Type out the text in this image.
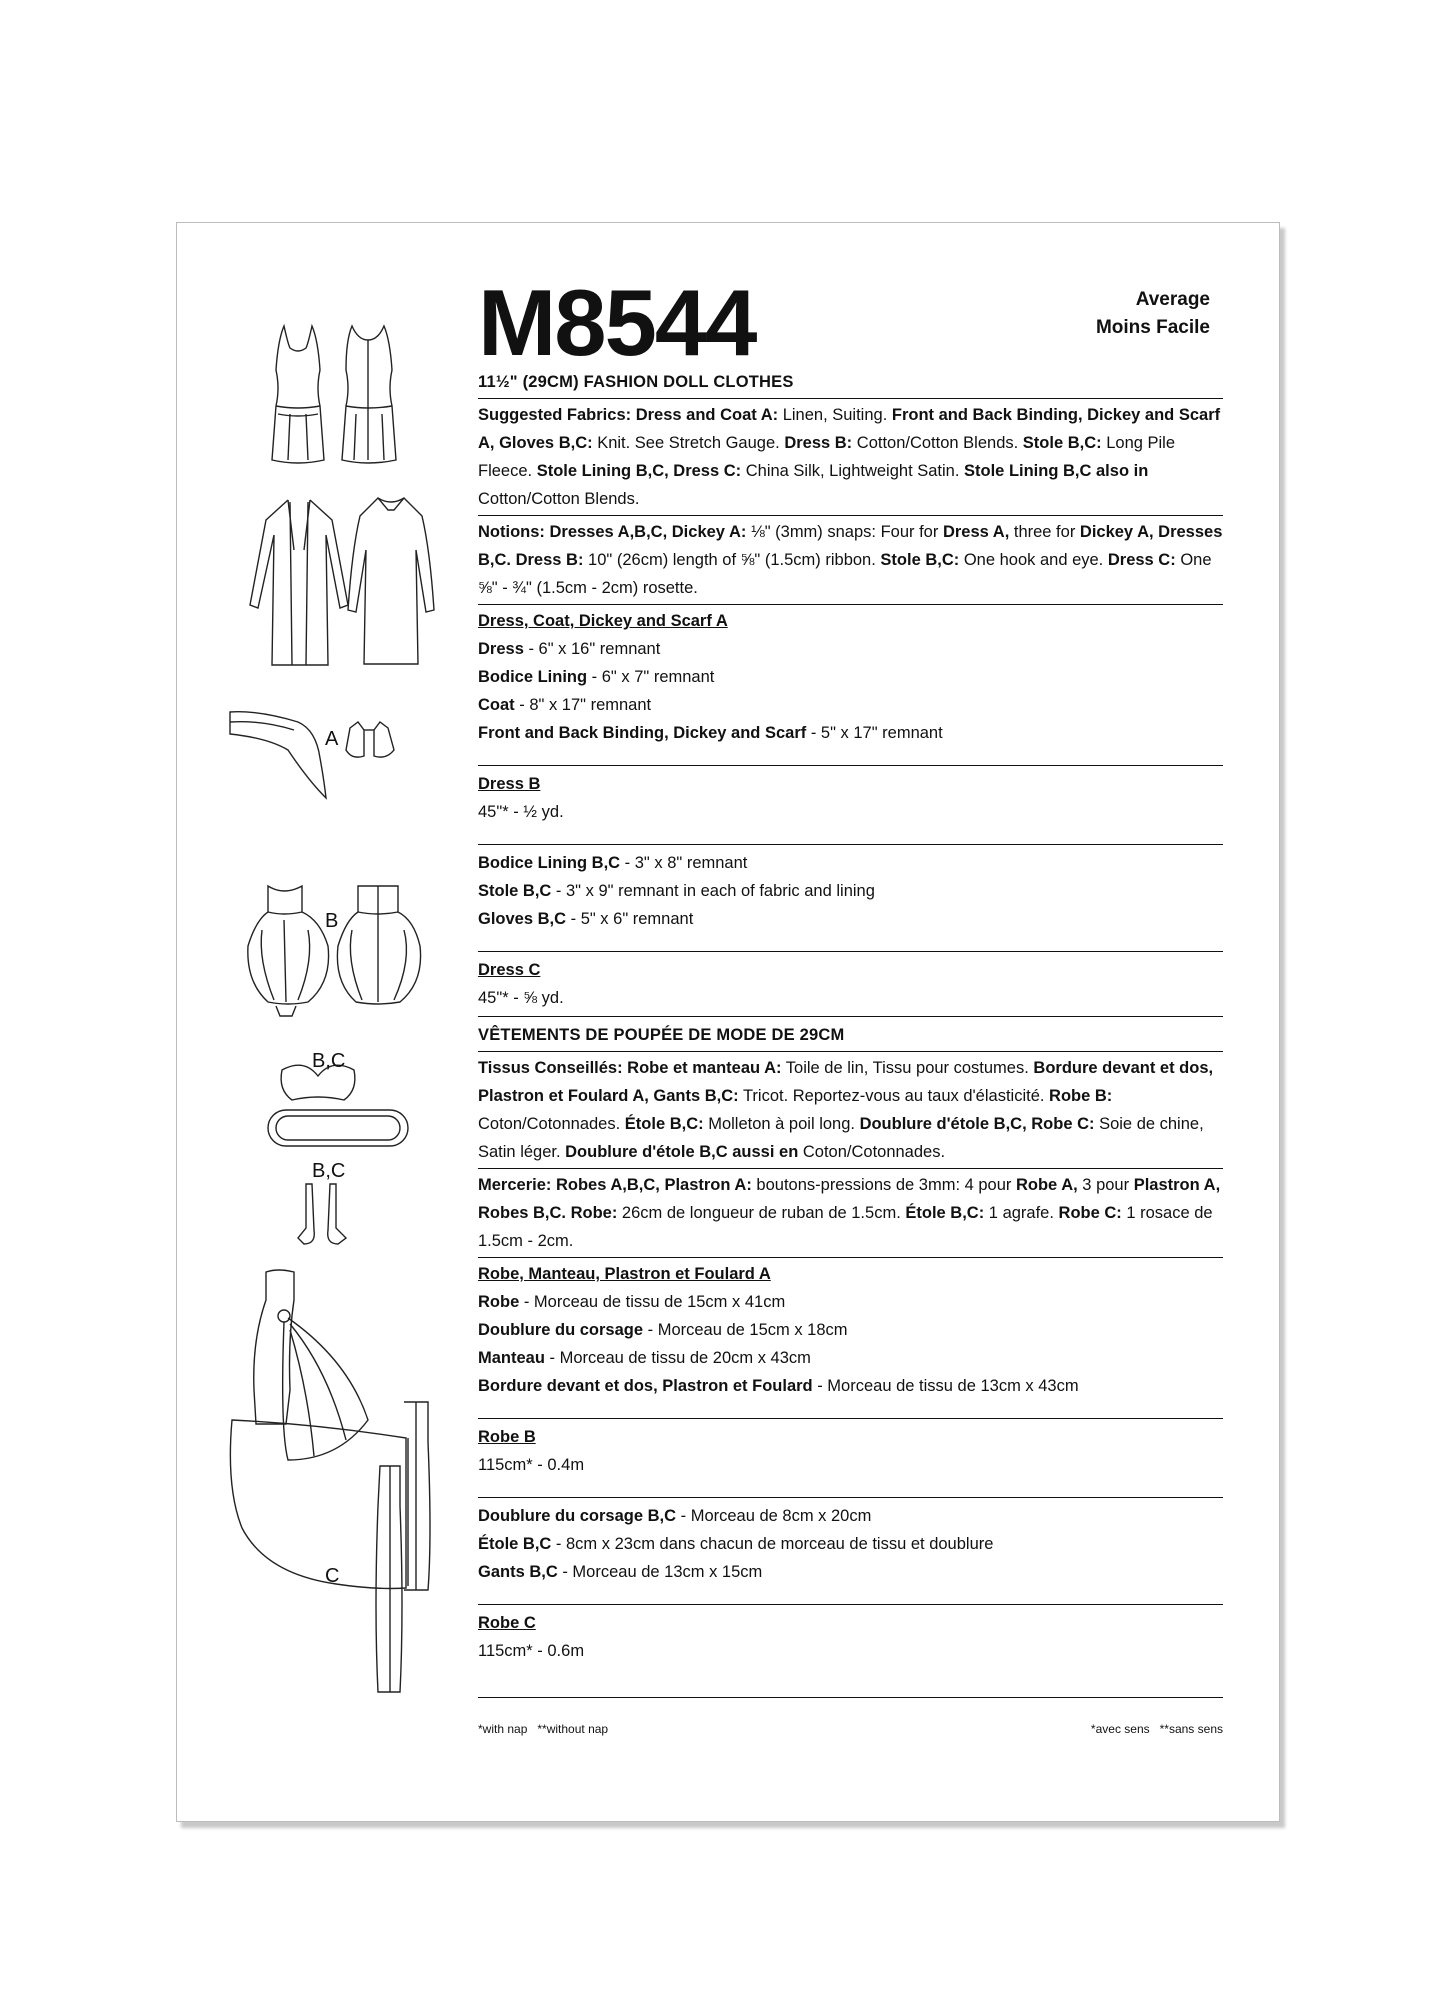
M8544	Average
Moins Facile
A
B
B,C
B,C
C

11½" (29CM) FASHION DOLL CLOTHES

Suggested Fabrics: Dress and Coat A: Linen, Suiting. Front and Back Binding, Dickey and Scarf A, Gloves B,C: Knit. See Stretch Gauge. Dress B: Cotton/Cotton Blends. Stole B,C: Long Pile Fleece. Stole Lining B,C, Dress C: China Silk, Lightweight Satin. Stole Lining B,C also in Cotton/Cotton Blends.

Notions: Dresses A,B,C, Dickey A: ⅛" (3mm) snaps: Four for Dress A, three for Dickey A, Dresses B,C. Dress B: 10" (26cm) length of ⅝" (1.5cm) ribbon. Stole B,C: One hook and eye. Dress C: One ⅝" - ¾" (1.5cm - 2cm) rosette.

Dress, Coat, Dickey and Scarf A

Dress - 6" x 16" remnant

Bodice Lining - 6" x 7" remnant

Coat - 8" x 17" remnant

Front and Back Binding, Dickey and Scarf - 5" x 17" remnant

Dress B

45"* - ½ yd.

Bodice Lining B,C - 3" x 8" remnant

Stole B,C - 3" x 9" remnant in each of fabric and lining

Gloves B,C - 5" x 6" remnant

Dress C

45"* - ⅝ yd.

VÊTEMENTS DE POUPÉE DE MODE DE 29CM

Tissus Conseillés: Robe et manteau A: Toile de lin, Tissu pour costumes. Bordure devant et dos, Plastron et Foulard A, Gants B,C: Tricot. Reportez-vous au taux d'élasticité. Robe B: Coton/Cotonnades. Étole B,C: Molleton à poil long. Doublure d'étole B,C, Robe C: Soie de chine, Satin léger. Doublure d'étole B,C aussi en Coton/Cotonnades.

Mercerie: Robes A,B,C, Plastron A: boutons-pressions de 3mm: 4 pour Robe A, 3 pour Plastron A, Robes B,C. Robe: 26cm de longueur de ruban de 1.5cm. Étole B,C: 1 agrafe. Robe C: 1 rosace de 1.5cm - 2cm.

Robe, Manteau, Plastron et Foulard A

Robe - Morceau de tissu de 15cm x 41cm

Doublure du corsage - Morceau de 15cm x 18cm

Manteau - Morceau de tissu de 20cm x 43cm

Bordure devant et dos, Plastron et Foulard - Morceau de tissu de 13cm x 43cm

Robe B

115cm* - 0.4m

Doublure du corsage B,C - Morceau de 8cm x 20cm

Étole B,C - 8cm x 23cm dans chacun de morceau de tissu et doublure

Gants B,C - Morceau de 13cm x 15cm

Robe C

115cm* - 0.6m

*with nap   **without nap	*avec sens   **sans sens
